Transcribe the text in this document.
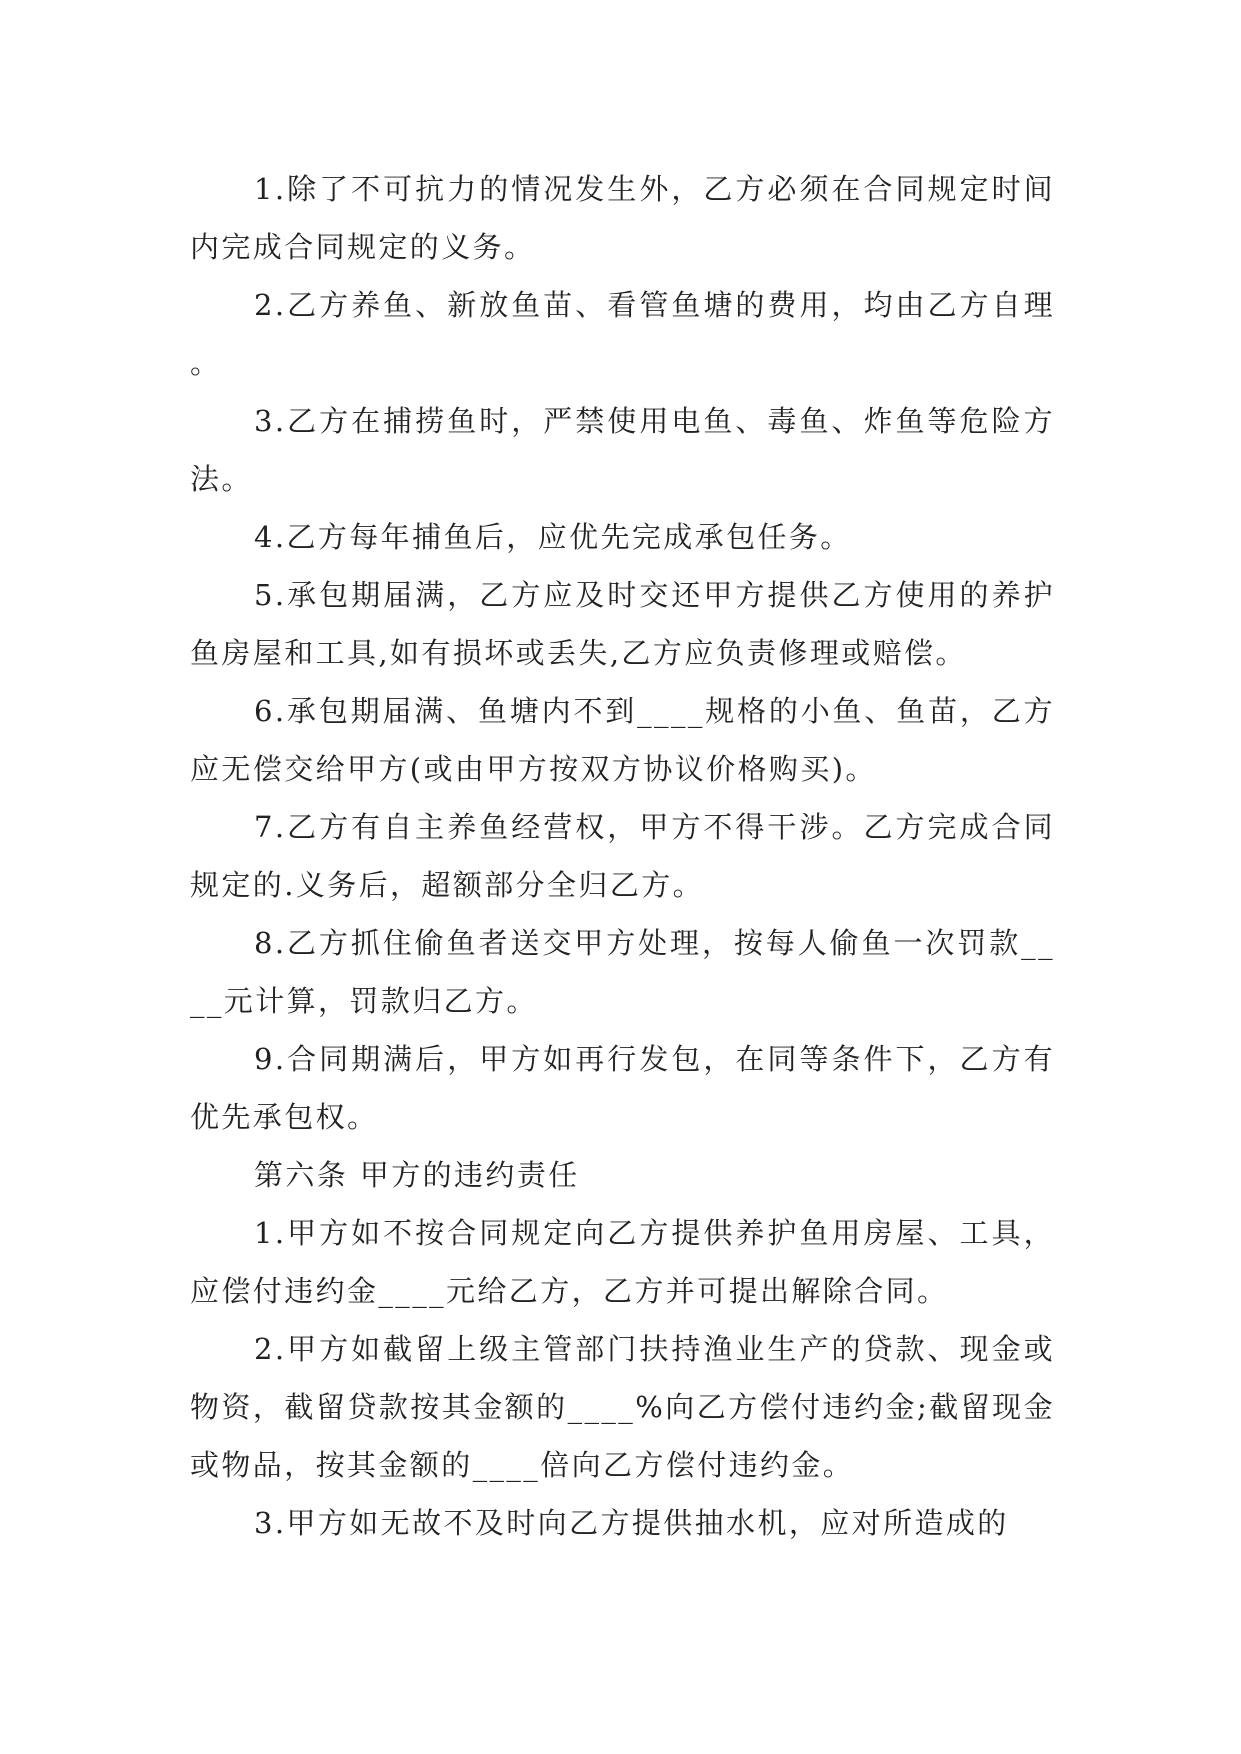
1.除了不可抗力的情况发生外，乙方必须在合同规定时间内完成合同规定的义务。

2.乙方养鱼、新放鱼苗、看管鱼塘的费用，均由乙方自理。

3.乙方在捕捞鱼时，严禁使用电鱼、毒鱼、炸鱼等危险方法。

4.乙方每年捕鱼后，应优先完成承包任务。

5.承包期届满，乙方应及时交还甲方提供乙方使用的养护鱼房屋和工具,如有损坏或丢失,乙方应负责修理或赔偿。

6.承包期届满、鱼塘内不到____规格的小鱼、鱼苗，乙方应无偿交给甲方(或由甲方按双方协议价格购买)。

7.乙方有自主养鱼经营权，甲方不得干涉。乙方完成合同规定的.义务后，超额部分全归乙方。

8.乙方抓住偷鱼者送交甲方处理，按每人偷鱼一次罚款____元计算，罚款归乙方。

9.合同期满后，甲方如再行发包，在同等条件下，乙方有优先承包权。

第六条 甲方的违约责任

1.甲方如不按合同规定向乙方提供养护鱼用房屋、工具，应偿付违约金____元给乙方，乙方并可提出解除合同。

2.甲方如截留上级主管部门扶持渔业生产的贷款、现金或物资，截留贷款按其金额的____%向乙方偿付违约金;截留现金或物品，按其金额的____倍向乙方偿付违约金。

3.甲方如无故不及时向乙方提供抽水机，应对所造成的
